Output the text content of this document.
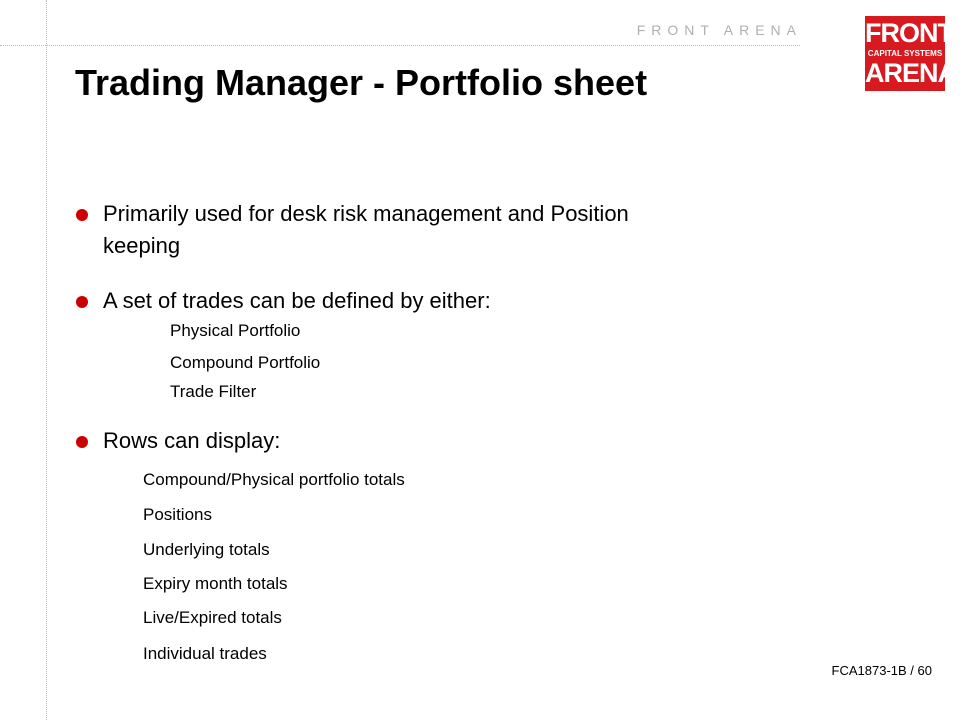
FRONT ARENA FRONT
CAPITAL SYSTEMS
ARENA
Trading Manager - Portfolio sheet
Primarily used for desk risk management and Position
keeping
A set of trades can be defined by either:
Physical Portfolio
Compound Portfolio
Trade Filter
Rows can display:
Compound/Physical portfolio totals
Positions
Underlying totals
Expiry month totals
Live/Expired totals
Individual trades
FCA1873-1B / 60
